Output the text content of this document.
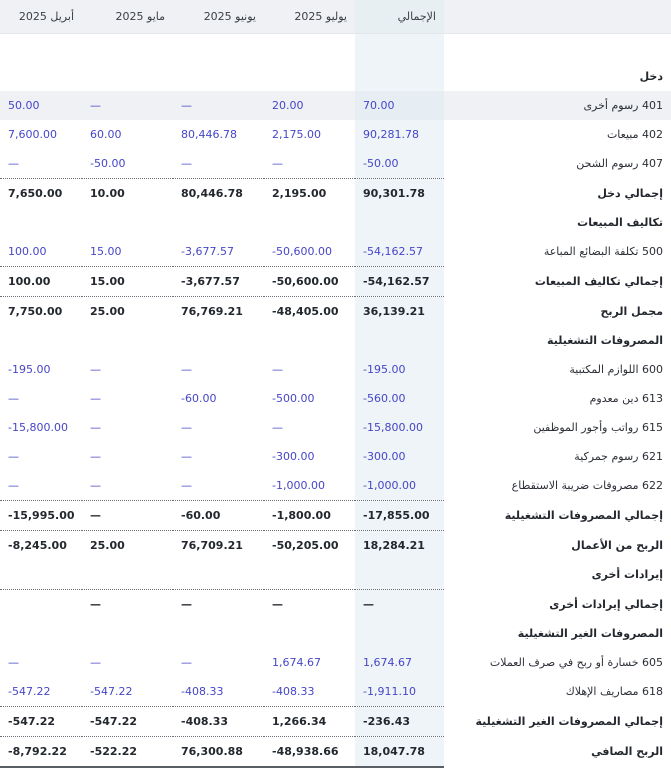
	الإجمالي	يوليو 2025	يونيو 2025	مايو 2025	أبريل 2025

دخل					
401 رسوم أخرى	70.00	20.00	—	—	50.00
402 مبيعات	90,281.78	2,175.00	80,446.78	60.00	7,600.00
407 رسوم الشحن	-50.00	—	—	-50.00	—
إجمالي دخل	90,301.78	2,195.00	80,446.78	10.00	7,650.00
تكاليف المبيعات					
500 تكلفة البضائع المباعة	-54,162.57	-50,600.00	-3,677.57	15.00	100.00
إجمالي تكاليف المبيعات	-54,162.57	-50,600.00	-3,677.57	15.00	100.00
مجمل الربح	36,139.21	-48,405.00	76,769.21	25.00	7,750.00
المصروفات التشغيلية					
600 اللوازم المكتبية	-195.00	—	—	—	-195.00
613 دين معدوم	-560.00	-500.00	-60.00	—	—
615 رواتب وأجور الموظفين	-15,800.00	—	—	—	-15,800.00
621 رسوم جمركية	-300.00	-300.00	—	—	—
622 مصروفات ضريبة الاستقطاع	-1,000.00	-1,000.00	—	—	—
إجمالي المصروفات التشغيلية	-17,855.00	-1,800.00	-60.00	—	-15,995.00
الربح من الأعمال	18,284.21	-50,205.00	76,709.21	25.00	-8,245.00
إيرادات أخرى					
إجمالي إيرادات أخرى	—	—	—	—	
المصروفات الغير التشغيلية					
605 خسارة أو ربح في صرف العملات	1,674.67	1,674.67	—	—	—
618 مصاريف الإهلاك	-1,911.10	-408.33	-408.33	-547.22	-547.22
إجمالي المصروفات الغير التشغيلية	-236.43	1,266.34	-408.33	-547.22	-547.22
الربح الصافي	18,047.78	-48,938.66	76,300.88	-522.22	-8,792.22
